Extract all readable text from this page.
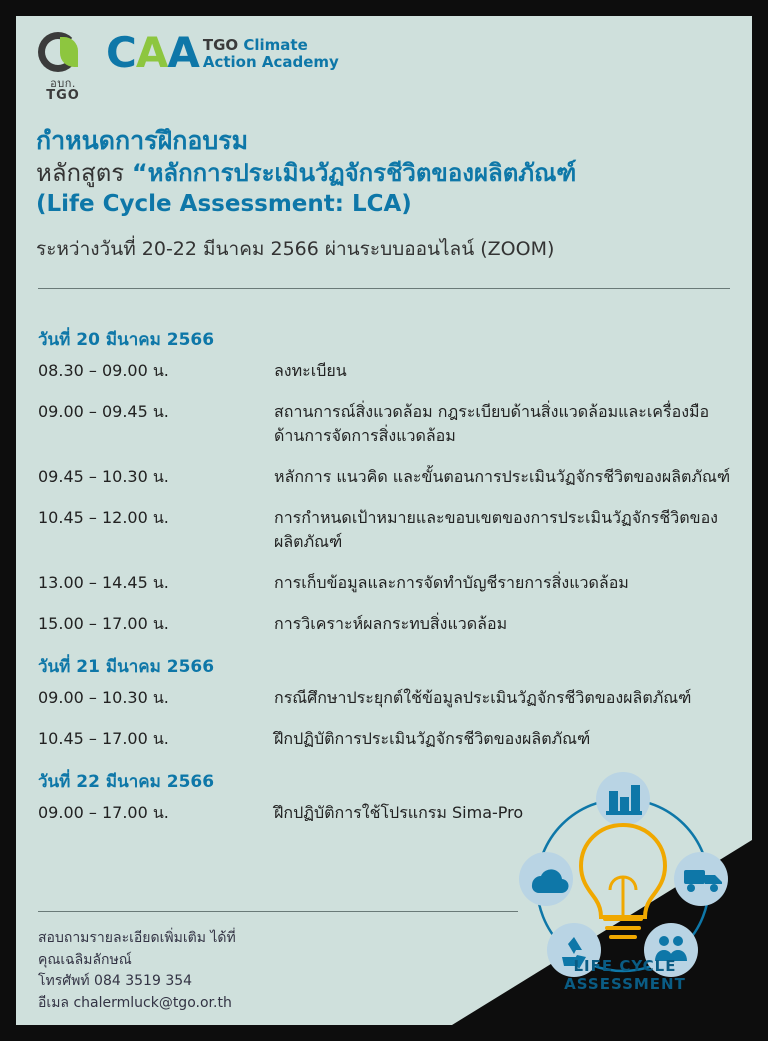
LIFE CYCLE ASSESSMENT
อบก.
TGO
C A A TGO Climate
Action Academy
กำหนดการฝึกอบรม
หลักสูตร “หลักการประเมินวัฏจักรชีวิตของผลิตภัณฑ์
(Life Cycle Assessment: LCA)
ระหว่างวันที่ 20-22 มีนาคม 2566 ผ่านระบบออนไลน์ (ZOOM)
วันที่ 20 มีนาคม 2566
08.30 – 09.00 น.	ลงทะเบียน
09.00 – 09.45 น.	สถานการณ์สิ่งแวดล้อม กฎระเบียบด้านสิ่งแวดล้อมและเครื่องมือด้านการจัดการสิ่งแวดล้อม
09.45 – 10.30 น.	หลักการ แนวคิด และขั้นตอนการประเมินวัฏจักรชีวิตของผลิตภัณฑ์
10.45 – 12.00 น.	การกำหนดเป้าหมายและขอบเขตของการประเมินวัฏจักรชีวิตของผลิตภัณฑ์
13.00 – 14.45 น.	การเก็บข้อมูลและการจัดทำบัญชีรายการสิ่งแวดล้อม
15.00 – 17.00 น.	การวิเคราะห์ผลกระทบสิ่งแวดล้อม
วันที่ 21 มีนาคม 2566
09.00 – 10.30 น.	กรณีศึกษาประยุกต์ใช้ข้อมูลประเมินวัฏจักรชีวิตของผลิตภัณฑ์
10.45 – 17.00 น.	ฝึกปฏิบัติการประเมินวัฏจักรชีวิตของผลิตภัณฑ์
วันที่ 22 มีนาคม 2566
09.00 – 17.00 น.	ฝึกปฏิบัติการใช้โปรแกรม Sima-Pro
สอบถามรายละเอียดเพิ่มเติม ได้ที่
คุณเฉลิมลักษณ์
โทรศัพท์ 084 3519 354
อีเมล chalermluck@tgo.or.th
